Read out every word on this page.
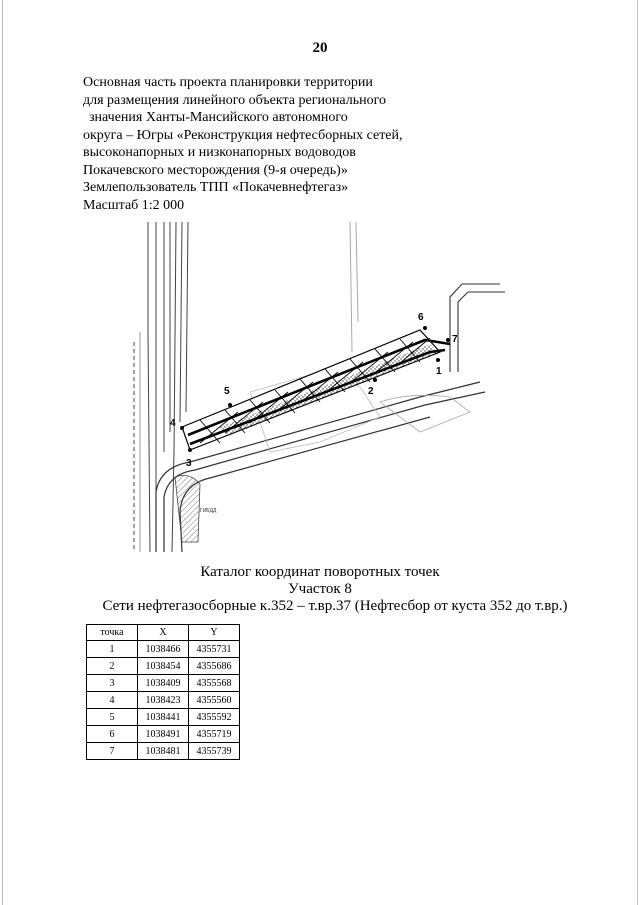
20
Основная часть проекта планировки территории
для размещения линейного объекта регионального
значения Ханты-Мансийского автономного
округа – Югры «Реконструкция нефтесборных сетей,
высоконапорных и низконапорных водоводов
Покачевского месторождения (9-я очередь)»
Землепользователь ТПП «Покачевнефтегаз»
Масштаб 1:2 000
1
2
3
4
5
6
7
ГИБДД
Каталог координат поворотных точек
Участок 8
Сети нефтегазосборные к.352 – т.вр.37 (Нефтесбор от куста 352 до т.вр.)
точка	X	Y
1	1038466	4355731
2	1038454	4355686
3	1038409	4355568
4	1038423	4355560
5	1038441	4355592
6	1038491	4355719
7	1038481	4355739
